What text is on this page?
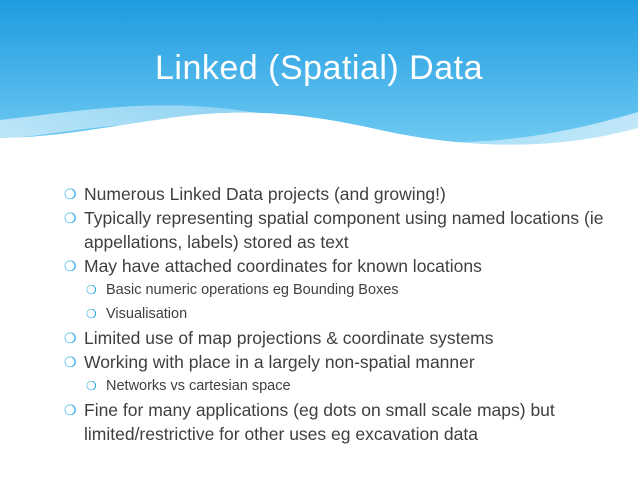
Linked (Spatial) Data
❍ Numerous Linked Data projects (and growing!)
❍ Typically representing spatial component using named locations (ie appellations, labels) stored as text
❍ May have attached coordinates for known locations
❍ Basic numeric operations eg Bounding Boxes
❍ Visualisation
❍ Limited use of map projections & coordinate systems
❍ Working with place in a largely non-spatial manner
❍ Networks vs cartesian space
❍ Fine for many applications (eg dots on small scale maps) but limited/restrictive for other uses eg excavation data
